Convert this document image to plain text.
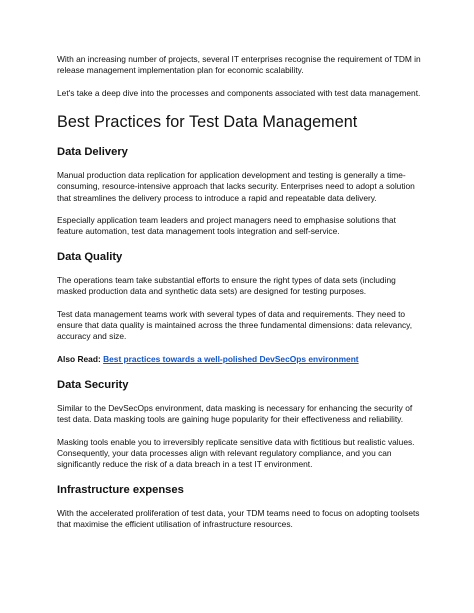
With an increasing number of projects, several IT enterprises recognise the requirement of TDM in release management implementation plan for economic scalability.

Let's take a deep dive into the processes and components associated with test data management.

Best Practices for Test Data Management
Data Delivery

Manual production data replication for application development and testing is generally a time-consuming, resource-intensive approach that lacks security. Enterprises need to adopt a solution that streamlines the delivery process to introduce a rapid and repeatable data delivery.

Especially application team leaders and project managers need to emphasise solutions that feature automation, test data management tools integration and self-service.

Data Quality

The operations team take substantial efforts to ensure the right types of data sets (including masked production data and synthetic data sets) are designed for testing purposes.

Test data management teams work with several types of data and requirements. They need to ensure that data quality is maintained across the three fundamental dimensions: data relevancy, accuracy and size.

Also Read: Best practices towards a well-polished DevSecOps environment

Data Security

Similar to the DevSecOps environment, data masking is necessary for enhancing the security of test data. Data masking tools are gaining huge popularity for their effectiveness and reliability.

Masking tools enable you to irreversibly replicate sensitive data with fictitious but realistic values. Consequently, your data processes align with relevant regulatory compliance, and you can significantly reduce the risk of a data breach in a test IT environment.

Infrastructure expenses

With the accelerated proliferation of test data, your TDM teams need to focus on adopting toolsets that maximise the efficient utilisation of infrastructure resources.
